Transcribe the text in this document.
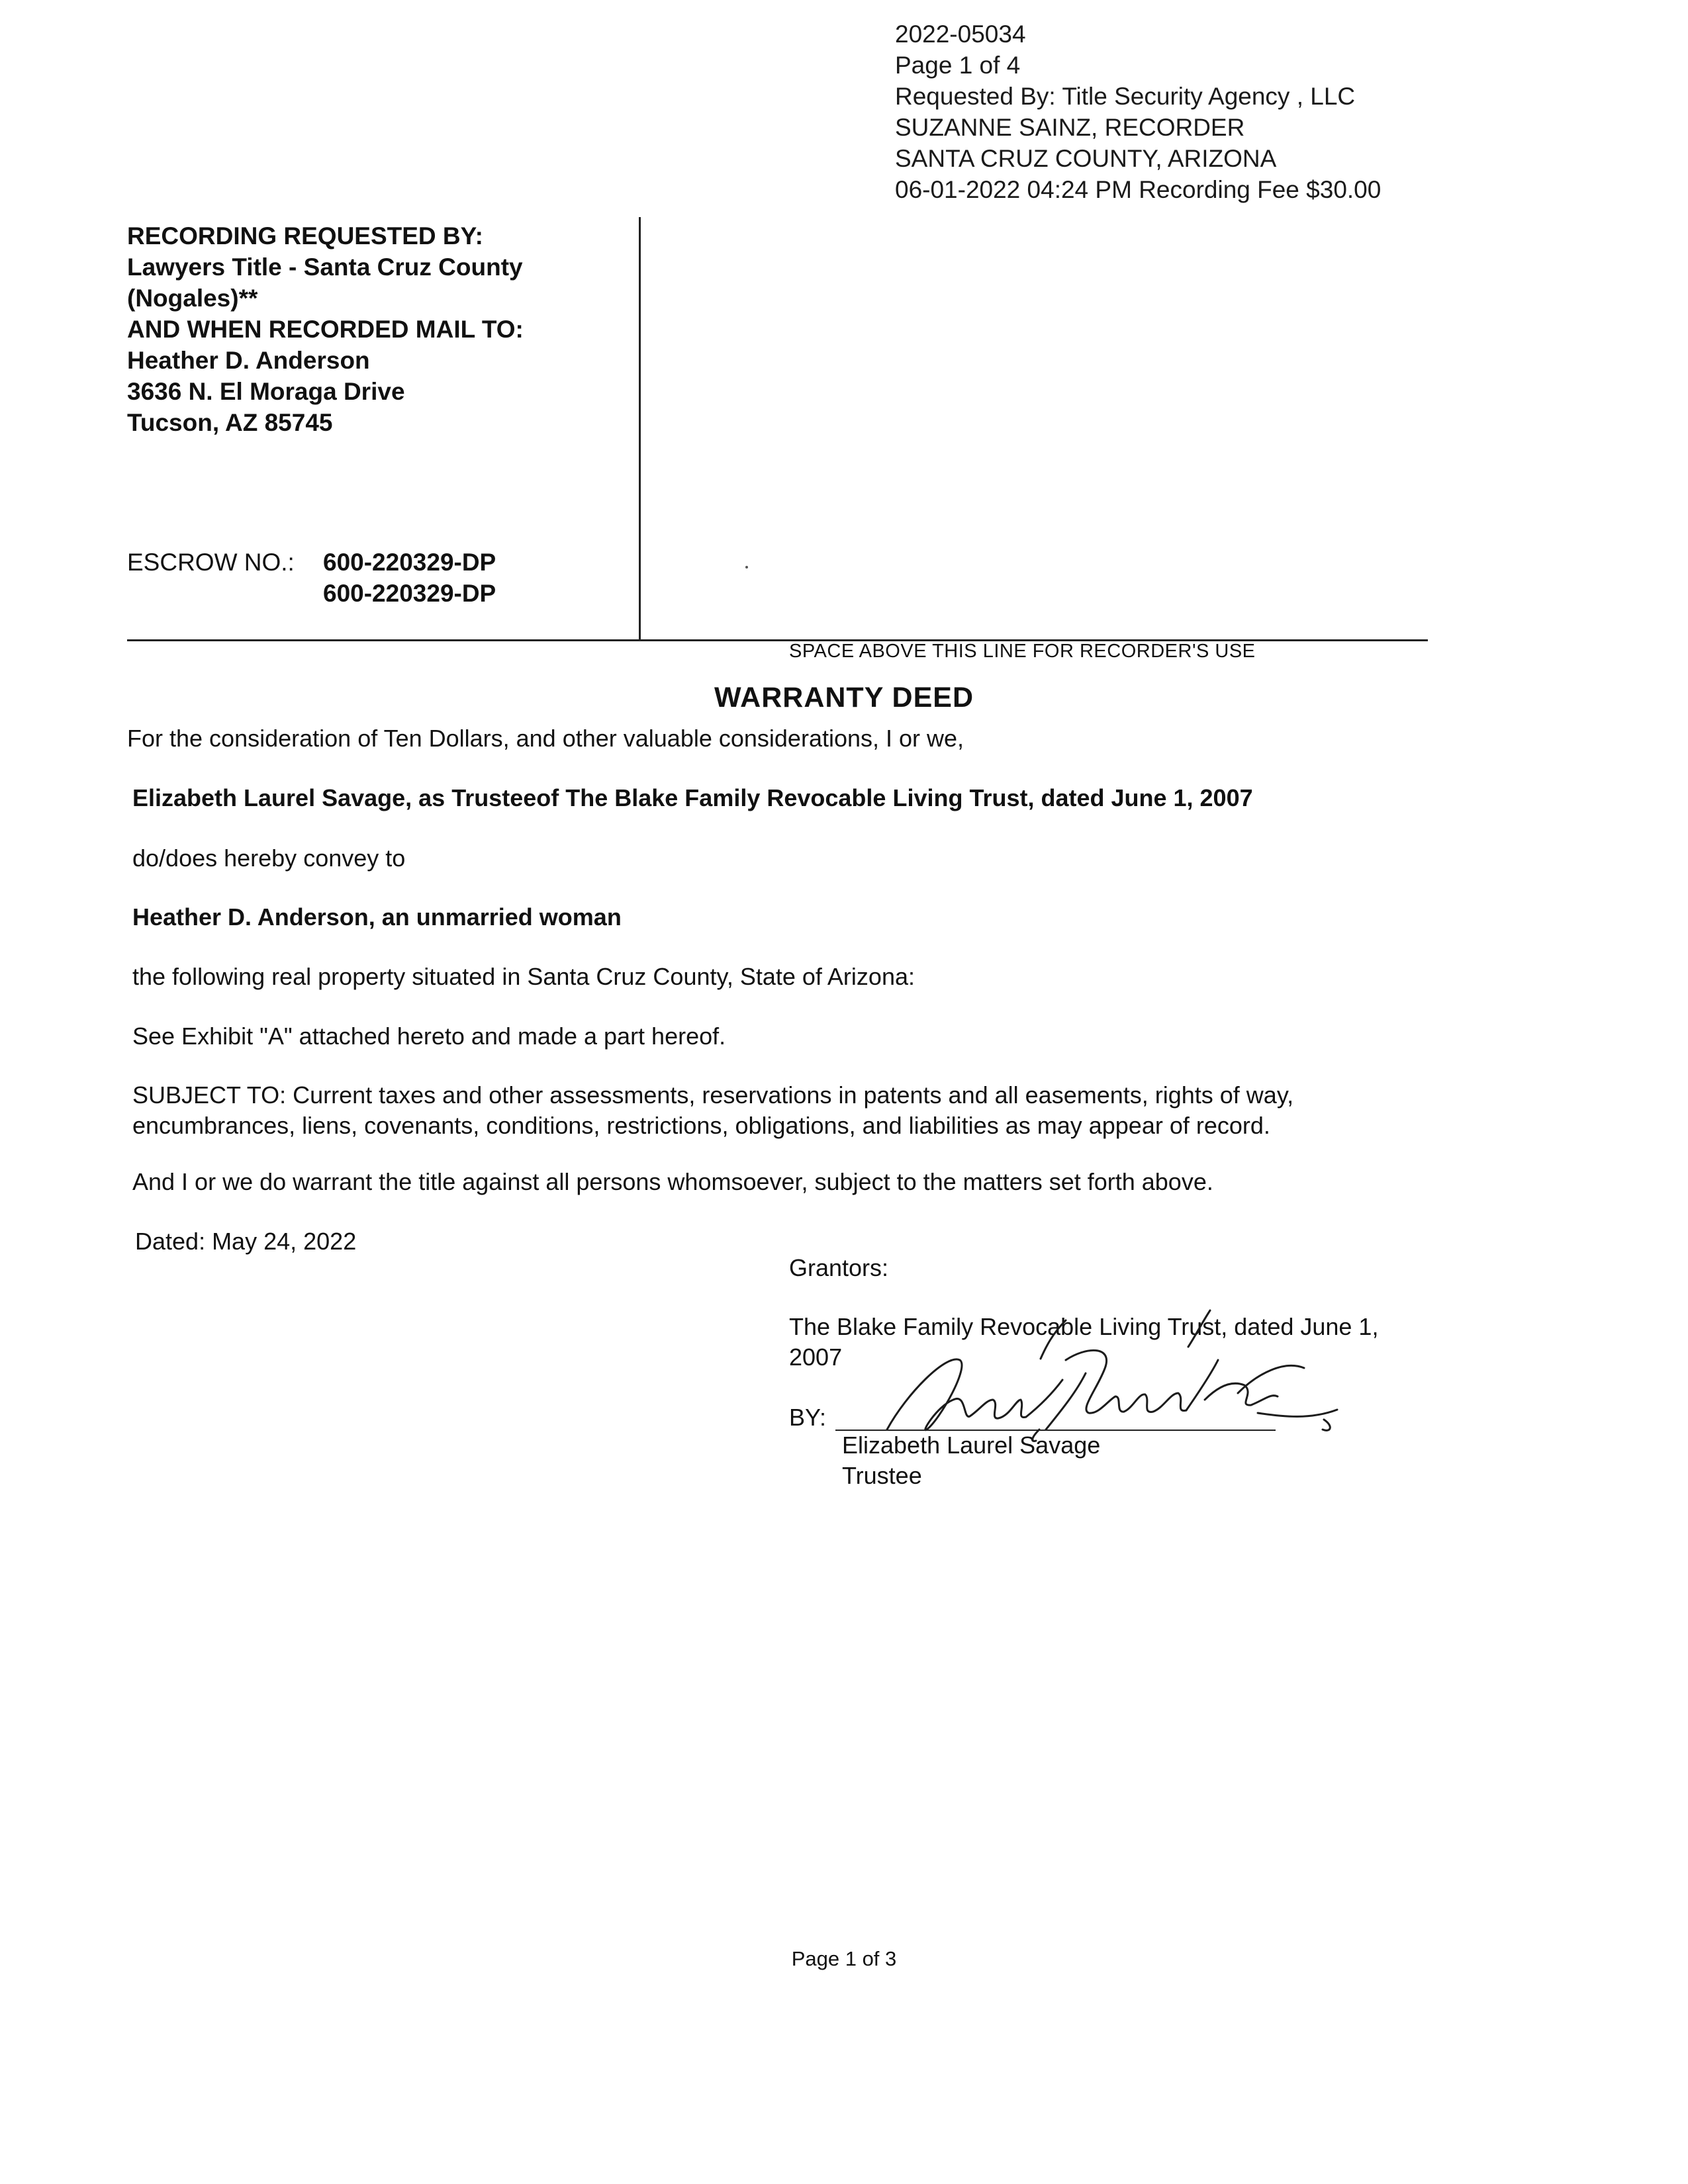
2022-05034
Page 1 of 4
Requested By: Title Security Agency , LLC
SUZANNE SAINZ, RECORDER
SANTA CRUZ COUNTY, ARIZONA
06-01-2022 04:24 PM Recording Fee $30.00
RECORDING REQUESTED BY:
Lawyers Title - Santa Cruz County
(Nogales)**
AND WHEN RECORDED MAIL TO:
Heather D. Anderson
3636 N. El Moraga Drive
Tucson, AZ 85745
ESCROW NO.: 600-220329-DP
600-220329-DP
SPACE ABOVE THIS LINE FOR RECORDER'S USE
WARRANTY DEED
For the consideration of Ten Dollars, and other valuable considerations, I or we,
Elizabeth Laurel Savage, as Trusteeof The Blake Family Revocable Living Trust, dated June 1, 2007
do/does hereby convey to
Heather D. Anderson, an unmarried woman
the following real property situated in Santa Cruz County, State of Arizona:
See Exhibit "A" attached hereto and made a part hereof.
SUBJECT TO: Current taxes and other assessments, reservations in patents and all easements, rights of way, encumbrances, liens, covenants, conditions, restrictions, obligations, and liabilities as may appear of record.
And I or we do warrant the title against all persons whomsoever, subject to the matters set forth above.
Dated: May 24, 2022
Grantors:
The Blake Family Revocable Living Trust, dated June 1, 2007
BY:
Elizabeth Laurel Savage
Trustee
Page 1 of 3
